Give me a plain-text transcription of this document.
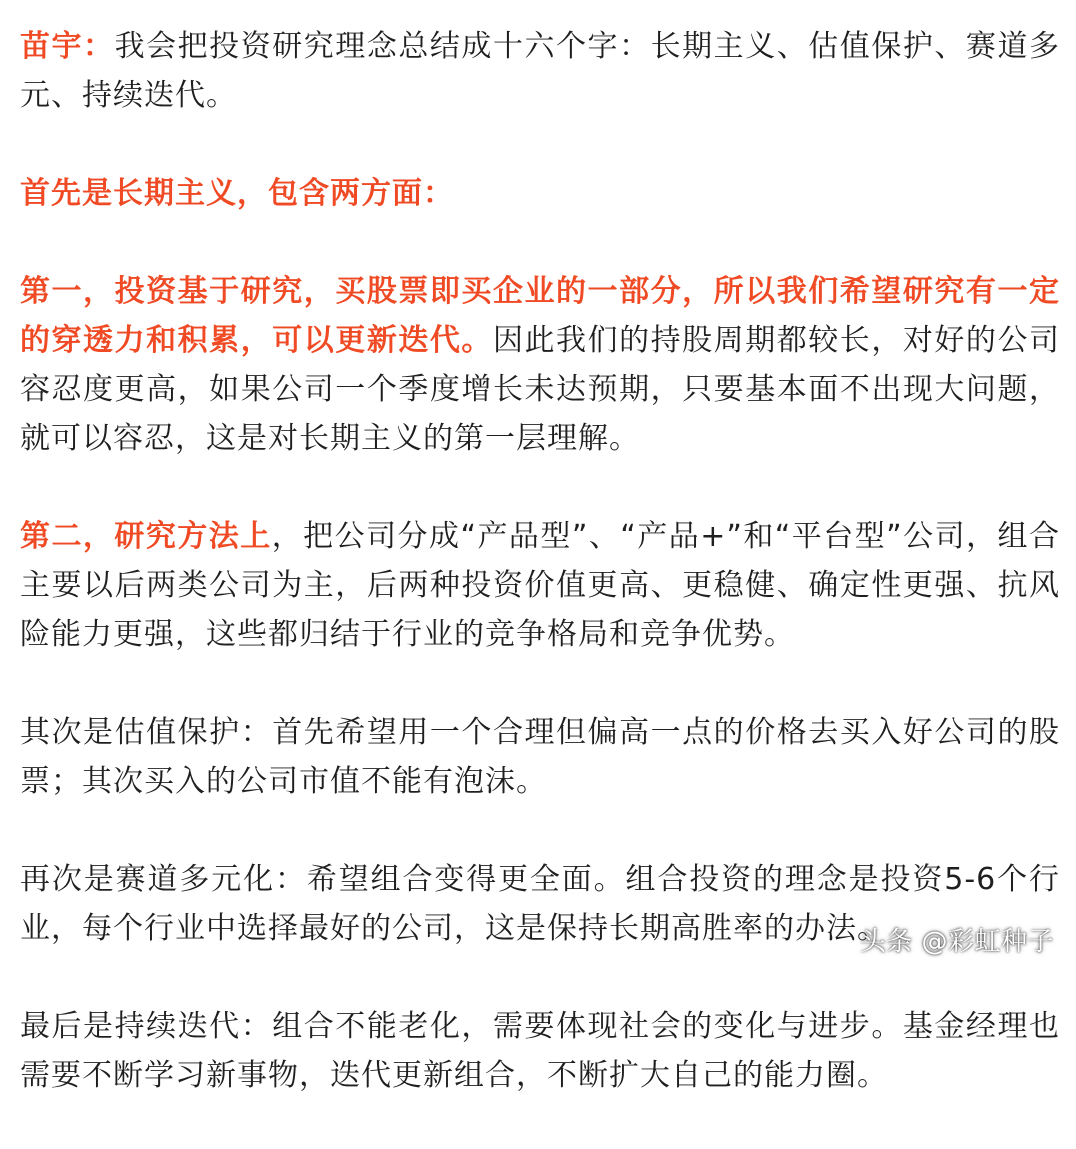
苗宇：我会把投资研究理念总结成十六个字：长期主义、估值保护、赛道多元、持续迭代。

首先是长期主义，包含两方面：

第一，投资基于研究，买股票即买企业的一部分，所以我们希望研究有一定的穿透力和积累，可以更新迭代。因此我们的持股周期都较长，对好的公司容忍度更高，如果公司一个季度增长未达预期，只要基本面不出现大问题，就可以容忍，这是对长期主义的第一层理解。

第二，研究方法上，把公司分成“产品型”、“产品+”和“平台型”公司，组合主要以后两类公司为主，后两种投资价值更高、更稳健、确定性更强、抗风险能力更强，这些都归结于行业的竞争格局和竞争优势。

其次是估值保护：首先希望用一个合理但偏高一点的价格去买入好公司的股票；其次买入的公司市值不能有泡沫。

再次是赛道多元化：希望组合变得更全面。组合投资的理念是投资5-6个行业，每个行业中选择最好的公司，这是保持长期高胜率的办法。

最后是持续迭代：组合不能老化，需要体现社会的变化与进步。基金经理也需要不断学习新事物，迭代更新组合，不断扩大自己的能力圈。

头条 @彩虹种子
